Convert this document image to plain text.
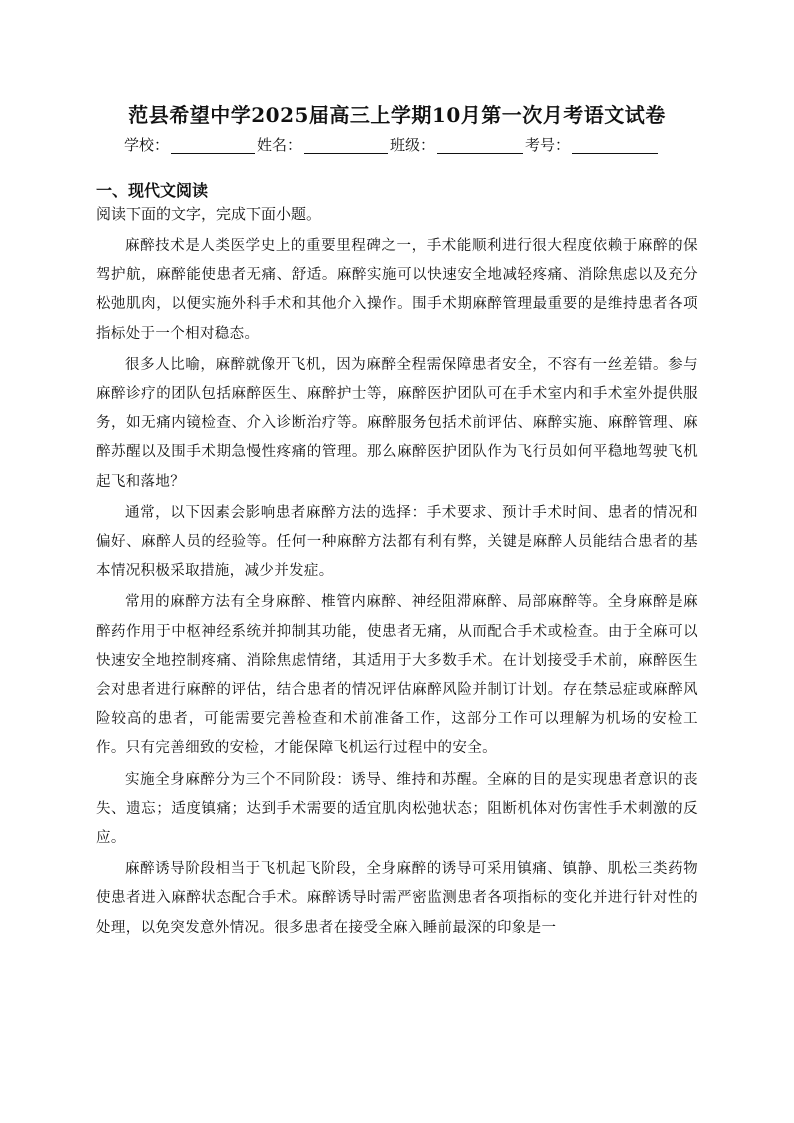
范县希望中学2025届高三上学期10月第一次月考语文试卷
学校：	姓名：	班级：	考号：
一、现代文阅读
阅读下面的文字，完成下面小题。

麻醉技术是人类医学史上的重要里程碑之一，手术能顺利进行很大程度依赖于麻醉的保驾护航，麻醉能使患者无痛、舒适。麻醉实施可以快速安全地减轻疼痛、消除焦虑以及充分松弛肌肉，以便实施外科手术和其他介入操作。围手术期麻醉管理最重要的是维持患者各项指标处于一个相对稳态。

很多人比喻，麻醉就像开飞机，因为麻醉全程需保障患者安全，不容有一丝差错。参与麻醉诊疗的团队包括麻醉医生、麻醉护士等，麻醉医护团队可在手术室内和手术室外提供服务，如无痛内镜检查、介入诊断治疗等。麻醉服务包括术前评估、麻醉实施、麻醉管理、麻醉苏醒以及围手术期急慢性疼痛的管理。那么麻醉医护团队作为飞行员如何平稳地驾驶飞机起飞和落地？

通常，以下因素会影响患者麻醉方法的选择：手术要求、预计手术时间、患者的情况和偏好、麻醉人员的经验等。任何一种麻醉方法都有利有弊，关键是麻醉人员能结合患者的基本情况积极采取措施，减少并发症。

常用的麻醉方法有全身麻醉、椎管内麻醉、神经阻滞麻醉、局部麻醉等。全身麻醉是麻醉药作用于中枢神经系统并抑制其功能，使患者无痛，从而配合手术或检查。由于全麻可以快速安全地控制疼痛、消除焦虑情绪，其适用于大多数手术。在计划接受手术前，麻醉医生会对患者进行麻醉的评估，结合患者的情况评估麻醉风险并制订计划。存在禁忌症或麻醉风险较高的患者，可能需要完善检查和术前准备工作，这部分工作可以理解为机场的安检工作。只有完善细致的安检，才能保障飞机运行过程中的安全。

实施全身麻醉分为三个不同阶段：诱导、维持和苏醒。全麻的目的是实现患者意识的丧失、遗忘；适度镇痛；达到手术需要的适宜肌肉松弛状态；阻断机体对伤害性手术刺激的反应。

麻醉诱导阶段相当于飞机起飞阶段，全身麻醉的诱导可采用镇痛、镇静、肌松三类药物使患者进入麻醉状态配合手术。麻醉诱导时需严密监测患者各项指标的变化并进行针对性的处理，以免突发意外情况。很多患者在接受全麻入睡前最深的印象是一
